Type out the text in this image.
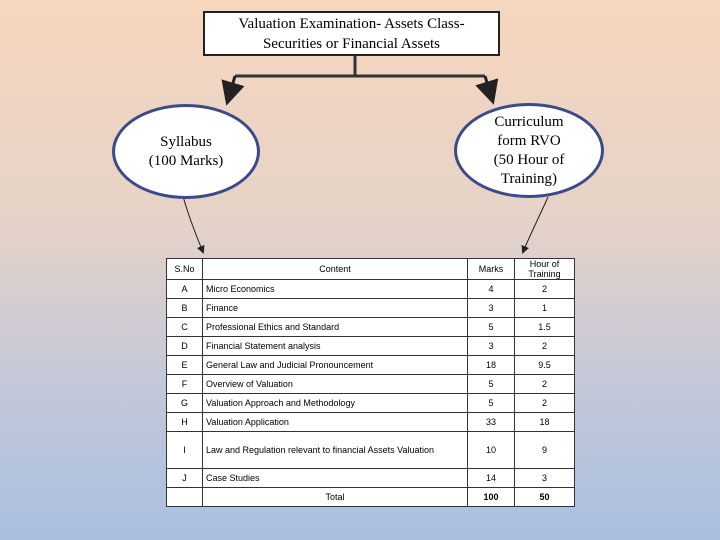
Valuation Examination- Assets Class-
Securities or Financial Assets
Syllabus
(100 Marks)
Curriculum
form RVO
(50 Hour of
Training)
S.No	Content	Marks	Hour of Training
A	Micro Economics	4	2
B	Finance	3	1
C	Professional Ethics and Standard	5	1.5
D	Financial Statement analysis	3	2
E	General Law and Judicial Pronouncement	18	9.5
F	Overview of Valuation	5	2
G	Valuation Approach and Methodology	5	2
H	Valuation Application	33	18
I	Law and Regulation relevant to financial Assets Valuation	10	9
J	Case Studies	14	3
	Total	100	50
